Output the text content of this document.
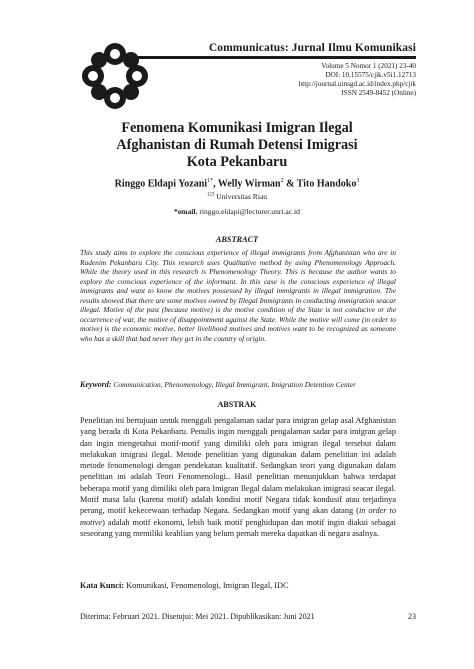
Communicatus: Jurnal Ilmu Komunikasi
Volume 5 Nomor 1 (2021) 23-40
DOI: 10.15575/cjik.v5i1.12713
http://journal.uinsgd.ac.id/index.php/cjik
ISSN 2549-8452 (Online)
Fenomena Komunikasi Imigran Ilegal
Afghanistan di Rumah Detensi Imigrasi
Kota Pekanbaru
Ringgo Eldapi Yozani$^{1*}$, Welly Wirman$^2$ & Tito Handoko$^3$
$^{123}$ Universitas Riau
*email. ringgo.eldapi@lecturer.unri.ac.id
ABSTRACT
This study aims to explore the conscious experience of illegal immigrants from Afghanistan who are in Rudenim Pekanbaru City. This research uses Qualitative method by using Phenomenology Approach. While the theory used in this research is Phenomenology Theory. This is because the author wants to explore the conscious experience of the informant. In this case is the conscious experience of illegal immigrants and want to know the motives possessed by illegal immigrants in illegal immigration. The results showed that there are some motives owned by Illegal Immigrants in conducting immigration seacar illegal. Motive of the past (because motive) is the motive condition of the State is not conducive or the occurrence of war, the motive of disappointment against the State. While the motive will come (in order to motive) is the economic motive, better livelihood motives and motives want to be recognized as someone who has a skill that had never they get in the country of origin.
Keyword: Communication, Phenomenology, Illegal Immigrant, Imigration Detention Center
ABSTRAK
Penelitian ini bertujuan untuk menggali pengalaman sadar para imigran gelap asal Afghanistan yang berada di Kota Pekanbaru. Penulis ingin menggali pengalaman sadar para imigran gelap dan ingin mengetahui motif-motif yang dimiliki oleh para imigran ilegal tersebut dalam melakukan imigrasi ilegal. Metode penelitian yang digunakan dalam penelitian ini adalah metode fenomenologi dengan pendekatan kualitatif. Sedangkan teori yang digunakan dalam penelitian ini adalah Teori Fenomenologi.. Hasil penelitian menunjukkan bahwa terdapat beberapa motif yang dimiliki oleh para Imigran Ilegal dalam melakukan imigrasi seacar ilegal. Motif masa lalu (karena motif) adalah kondisi motif Negara tidak kondusif atau terjadinya perang, motif kekecewaan terhadap Negara. Sedangkan motif yang akan datang (in order to motive) adalah motif ekonomi, lebih baik motif penghidupan dan motif ingin diakui sebagai seseorang yang memiliki keahlian yang belum pernah mereka dapatkan di negara asalnya.
Kata Kunci: Komunikasi, Fenomenologi, Imigran Ilegal, IDC
Diterima: Februari 2021. Disetujui: Mei 2021. Dipublikasikan: Juni 2021	23
